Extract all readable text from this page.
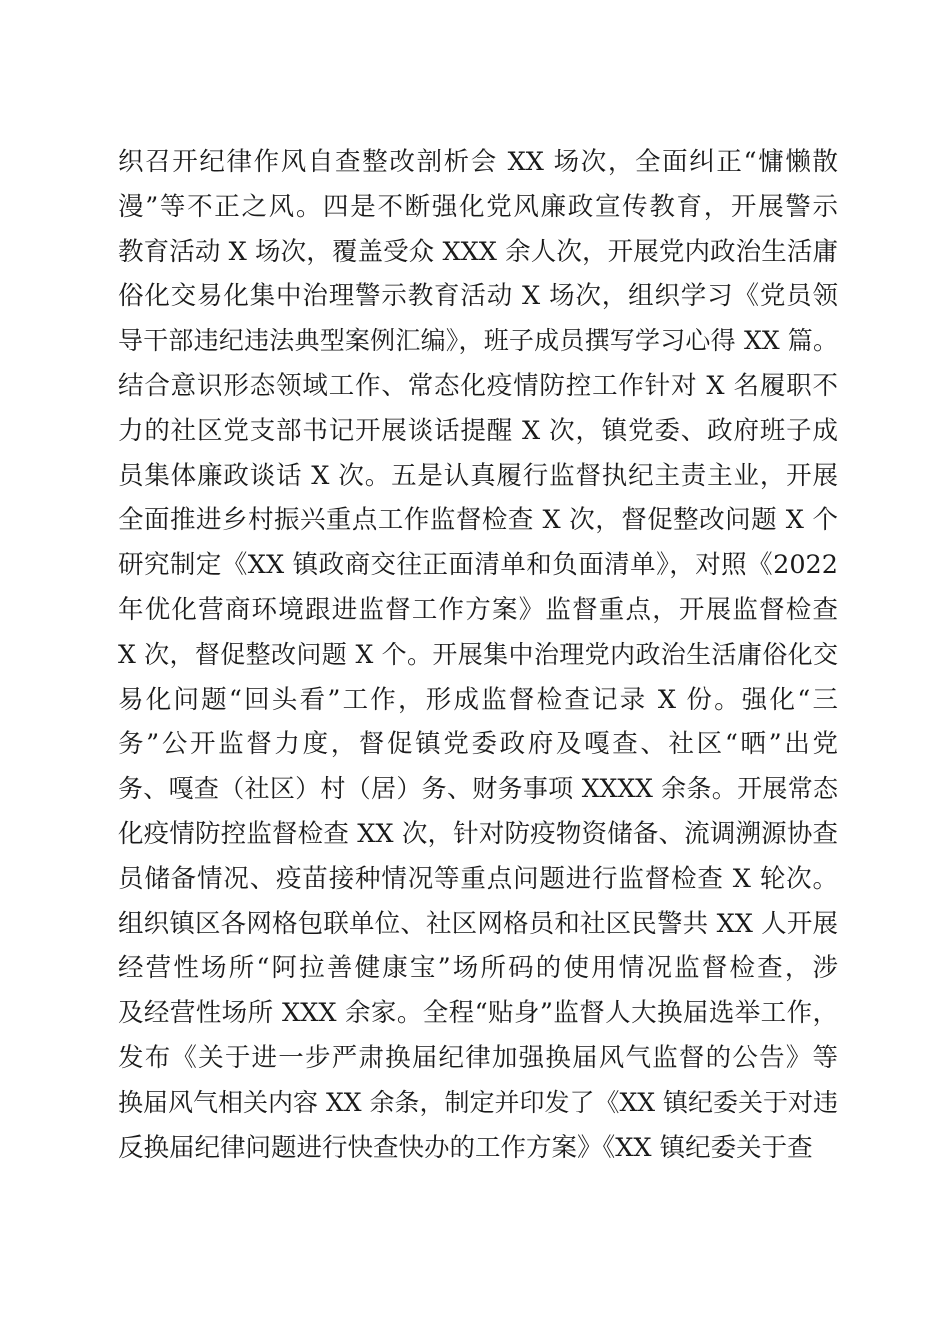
织召开纪律作风自查整改剖析会 XX 场次，全面纠正“慵懒散
漫”等不正之风。四是不断强化党风廉政宣传教育，开展警示
教育活动 X 场次，覆盖受众 XXX 余人次，开展党内政治生活庸
俗化交易化集中治理警示教育活动 X 场次，组织学习《党员领
导干部违纪违法典型案例汇编》，班子成员撰写学习心得 XX 篇。
结合意识形态领域工作、常态化疫情防控工作针对 X 名履职不
力的社区党支部书记开展谈话提醒 X 次，镇党委、政府班子成
员集体廉政谈话 X 次。五是认真履行监督执纪主责主业，开展
全面推进乡村振兴重点工作监督检查 X 次，督促整改问题 X 个
研究制定《XX 镇政商交往正面清单和负面清单》，对照《2022
年优化营商环境跟进监督工作方案》监督重点，开展监督检查
X 次，督促整改问题 X 个。开展集中治理党内政治生活庸俗化交
易化问题“回头看”工作，形成监督检查记录 X 份。强化“三
务”公开监督力度，督促镇党委政府及嘎查、社区“晒”出党
务、嘎查（社区）村（居）务、财务事项 XXXX 余条。开展常态
化疫情防控监督检查 XX 次，针对防疫物资储备、流调溯源协查
员储备情况、疫苗接种情况等重点问题进行监督检查 X 轮次。
组织镇区各网格包联单位、社区网格员和社区民警共 XX 人开展
经营性场所“阿拉善健康宝”场所码的使用情况监督检查，涉
及经营性场所 XXX 余家。全程“贴身”监督人大换届选举工作，
发布《关于进一步严肃换届纪律加强换届风气监督的公告》等
换届风气相关内容 XX 余条，制定并印发了《XX 镇纪委关于对违
反换届纪律问题进行快查快办的工作方案》《XX 镇纪委关于查
